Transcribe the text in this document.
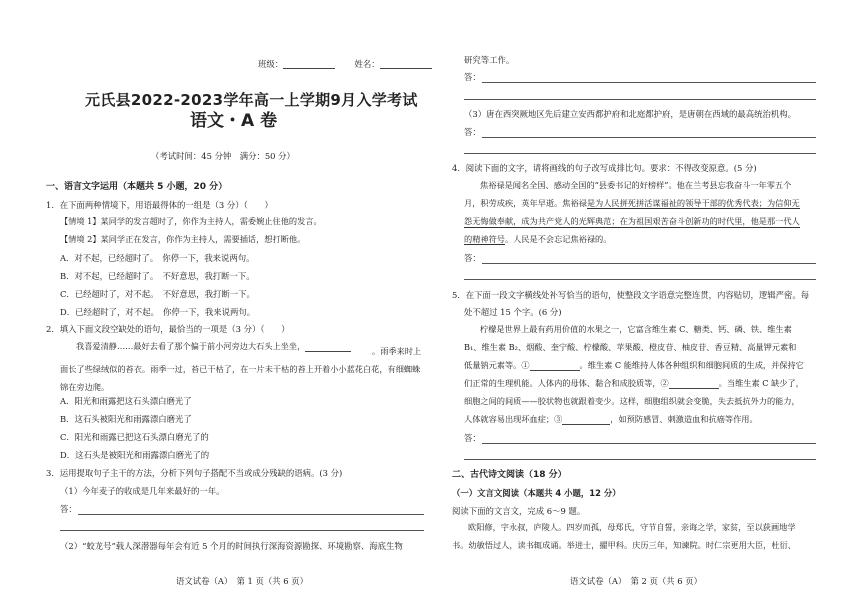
班级：	姓名：
元氏县2022-2023学年高一上学期9月入学考试
语文・A 卷
（考试时间：45 分钟　满分：50 分）
一、语言文字运用（本题共 5 小题，20 分）
1．在下面两种情境下，用语最得体的一组是（3 分）（　　）
【情境 1】某同学的发言超时了，你作为主持人，需委婉止住他的发言。
【情境 2】某同学正在发言，你作为主持人，需要插话，想打断他。
A．对不起，已经超时了。　你停一下，我来说两句。
B．对不起，已经超时了。　不好意思，我打断一下。
C．已经超时了，对不起。　不好意思，我打断一下。
D．已经超时了，对不起。　你停一下，我来说两句。
2．填入下面文段空缺处的语句，最恰当的一项是（3 分）（　　）
我喜爱清静……最好去看了那个偏于前小河旁边大石头上坐坐，	。雨季来时上面长了些绿绒似的苔衣。雨季一过，苔已干枯了，在一片未干枯的苔上开着小小蓝花白花，有细蜘蛛锦在旁边爬。
A．阳光和雨露把这石头漂白磨光了
B．这石头被阳光和雨露漂白磨光了
C．阳光和雨露已把这石头漂白磨光了的
D．这石头是被阳光和雨露漂白磨光了的
3．运用提取句子主干的方法，分析下列句子搭配不当或成分残缺的语病。(3 分)
（1）今年麦子的收成是几年来最好的一年。
答：
（2）“蛟龙号”载人深潜器每年会有近 5 个月的时间执行深海资源勘探、环境勘察、海底生物
语文试卷（A）　第 1 页（共 6 页）
研究等工作。
答：
（3）唐在西突厥地区先后建立安西都护府和北庭都护府，是唐朝在西域的最高统治机构。
答：
4．阅读下面的文字，请将画线的句子改写成排比句。要求：不得改变原意。(5 分)
焦裕禄是闻名全国、感动全国的“县委书记的好榜样”。他在兰考县忘我奋斗一年零五个
月，积劳成疾，英年早逝。焦裕禄是为人民拼死拼活谋福祉的领导干部的优秀代表；为信仰无
怨无悔做奉献，成为共产党人的光辉典范；在为祖国艰苦奋斗创新功的时代里，他是那一代人
的精神符号。人民是不会忘记焦裕禄的。
答：
5．在下面一段文字横线处补写恰当的语句，使整段文字语意完整连贯，内容贴切，逻辑严密。每
处不超过 15 个字。(6 分)
柠檬是世界上最有药用价值的水果之一，它富含维生素 C、糖类、钙、磷、铁、维生素
B₁、维生素 B₂、烟酸、奎宁酸、柠檬酸、苹果酸、橙皮苷、柚皮苷、香豆精、高量钾元素和
低量钠元素等。①	。维生素 C 能维持人体各种组织和细胞间质的生成，并保持它
们正常的生理机能。人体内的母体、黏合和成胶质等，②	。当维生素 C 缺少了，
细胞之间的间质——胶状物也就跟着变少。这样，细胞组织就会变脆，失去抵抗外力的能力，
人体就容易出现坏血症；③	，如预防感冒、刺激造血和抗癌等作用。
答：
二、古代诗文阅读（18 分）
（一）文言文阅读（本题共 4 小题，12 分）
阅读下面的文言文，完成 6～9 题。
欧阳修，字永叔，庐陵人。四岁而孤，母郑氏，守节自誓，亲诲之学，家贫，至以荻画地学
书。幼敏悟过人，读书辄成诵。举进士，擢甲科。庆历三年，知谏院。时仁宗更用大臣，杜衍、
语文试卷（A）　第 2 页（共 6 页）
